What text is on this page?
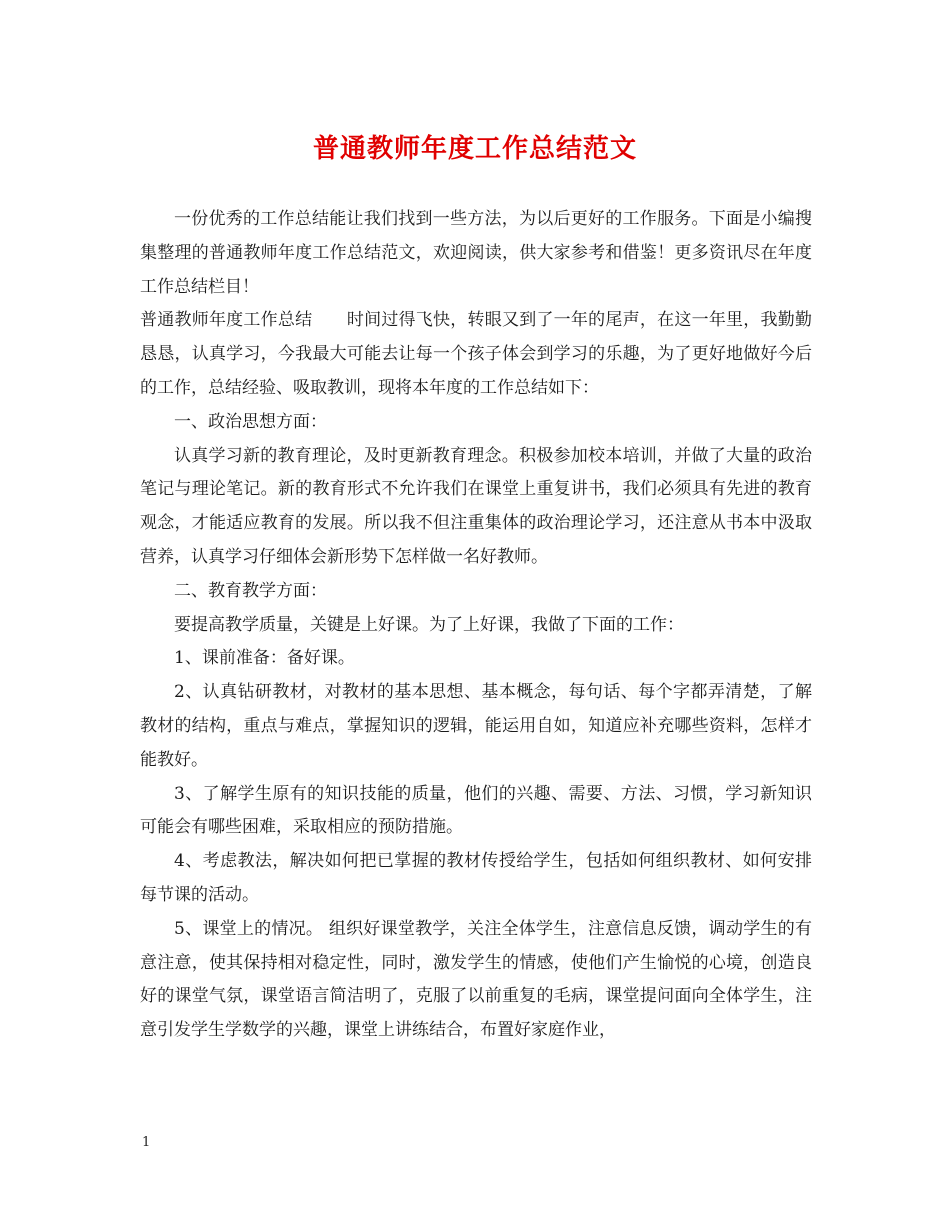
普通教师年度工作总结范文

一份优秀的工作总结能让我们找到一些方法，为以后更好的工作服务。下面是小编搜集整理的普通教师年度工作总结范文，欢迎阅读，供大家参考和借鉴！更多资讯尽在年度工作总结栏目！

普通教师年度工作总结　　时间过得飞快，转眼又到了一年的尾声，在这一年里，我勤勤恳恳，认真学习，今我最大可能去让每一个孩子体会到学习的乐趣，为了更好地做好今后的工作，总结经验、吸取教训，现将本年度的工作总结如下：

一、政治思想方面：

认真学习新的教育理论，及时更新教育理念。积极参加校本培训，并做了大量的政治笔记与理论笔记。新的教育形式不允许我们在课堂上重复讲书，我们必须具有先进的教育观念，才能适应教育的发展。所以我不但注重集体的政治理论学习，还注意从书本中汲取营养，认真学习仔细体会新形势下怎样做一名好教师。

二、教育教学方面：

要提高教学质量，关键是上好课。为了上好课，我做了下面的工作：

1、课前准备：备好课。

2、认真钻研教材，对教材的基本思想、基本概念，每句话、每个字都弄清楚，了解教材的结构，重点与难点，掌握知识的逻辑，能运用自如，知道应补充哪些资料，怎样才能教好。

3、了解学生原有的知识技能的质量，他们的兴趣、需要、方法、习惯，学习新知识可能会有哪些困难，采取相应的预防措施。

4、考虑教法，解决如何把已掌握的教材传授给学生，包括如何组织教材、如何安排每节课的活动。

5、课堂上的情况。 组织好课堂教学，关注全体学生，注意信息反馈，调动学生的有意注意，使其保持相对稳定性，同时，激发学生的情感，使他们产生愉悦的心境，创造良好的课堂气氛，课堂语言简洁明了，克服了以前重复的毛病，课堂提问面向全体学生，注意引发学生学数学的兴趣，课堂上讲练结合，布置好家庭作业，

1
